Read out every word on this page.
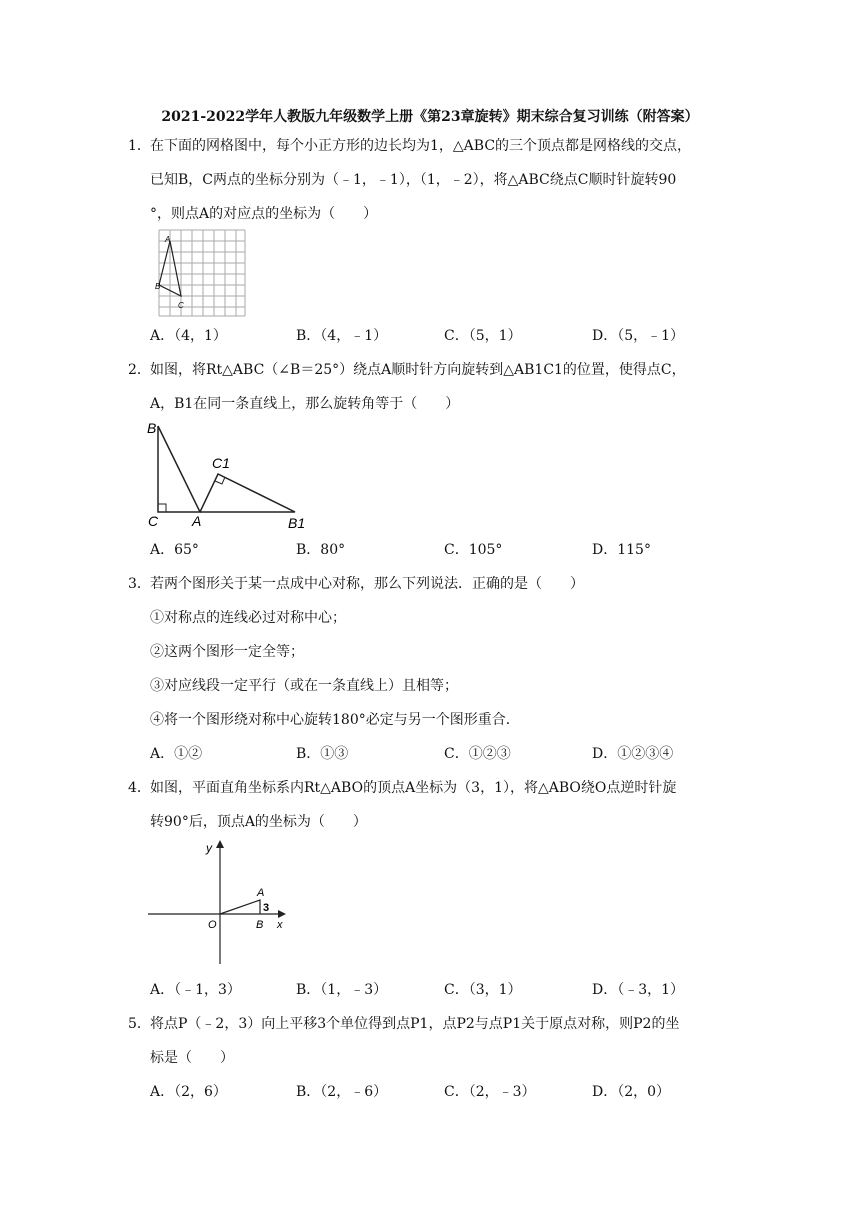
2021-2022学年人教版九年级数学上册《第23章旋转》期末综合复习训练（附答案）
1． 在下面的网格图中，每个小正方形的边长均为1，△ABC的三个顶点都是网格线的交点，
已知B，C两点的坐标分别为（﹣1，﹣1），（1，﹣2），将△ABC绕点C顺时针旋转90
°，则点A的对应点的坐标为（　　）
A
B
C
A．（4，1）	B．（4，﹣1）	C．（5，1）	D．（5，﹣1）
2． 如图，将Rt△ABC（∠B＝25°）绕点A顺时针方向旋转到△AB1C1的位置，使得点C，
A，B1在同一条直线上，那么旋转角等于（　　）
B
C A
C1
B1
A．65°	B．80°	C．105°	D．115°
3． 若两个图形关于某一点成中心对称，那么下列说法．正确的是（　　）
①对称点的连线必过对称中心；
②这两个图形一定全等；
③对应线段一定平行（或在一条直线上）且相等；
④将一个图形绕对称中心旋转180°必定与另一个图形重合．
A．①②	B．①③	C．①②③	D．①②③④
4． 如图，平面直角坐标系内Rt△ABO的顶点A坐标为（3，1），将△ABO绕O点逆时针旋
转90°后，顶点A的坐标为（　　）
y
A
3
O	B x
A．（﹣1，3）	B．（1，﹣3）	C．（3，1）	D．（﹣3，1）
5． 将点P（﹣2，3）向上平移3个单位得到点P1，点P2与点P1关于原点对称，则P2的坐
标是（　　）
A．（2，6）	B．（2，﹣6）	C．（2，﹣3）	D．（2，0）
